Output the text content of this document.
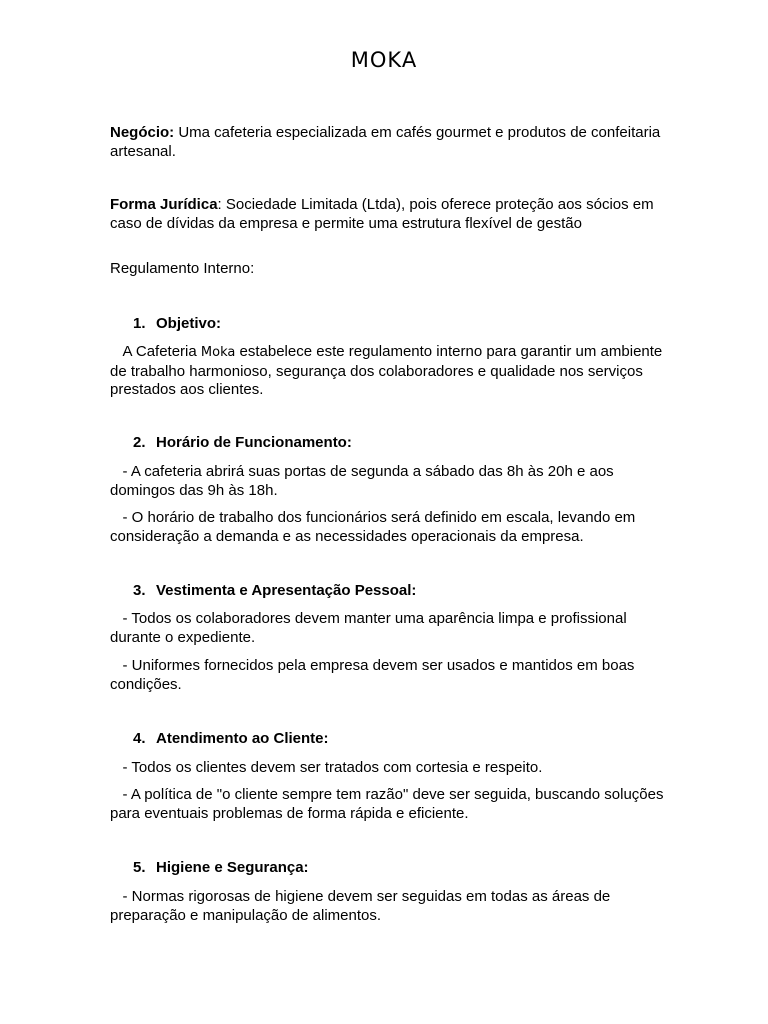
MOKA
Negócio: Uma cafeteria especializada em cafés gourmet e produtos de confeitaria artesanal.
Forma Jurídica: Sociedade Limitada (Ltda), pois oferece proteção aos sócios em caso de dívidas da empresa e permite uma estrutura flexível de gestão
Regulamento Interno:
1. Objetivo:
A Cafeteria Moka estabelece este regulamento interno para garantir um ambiente de trabalho harmonioso, segurança dos colaboradores e qualidade nos serviços prestados aos clientes.
2. Horário de Funcionamento:
- A cafeteria abrirá suas portas de segunda a sábado das 8h às 20h e aos domingos das 9h às 18h.
- O horário de trabalho dos funcionários será definido em escala, levando em consideração a demanda e as necessidades operacionais da empresa.
3. Vestimenta e Apresentação Pessoal:
- Todos os colaboradores devem manter uma aparência limpa e profissional durante o expediente.
- Uniformes fornecidos pela empresa devem ser usados e mantidos em boas condições.
4. Atendimento ao Cliente:
- Todos os clientes devem ser tratados com cortesia e respeito.
- A política de "o cliente sempre tem razão" deve ser seguida, buscando soluções para eventuais problemas de forma rápida e eficiente.
5. Higiene e Segurança:
- Normas rigorosas de higiene devem ser seguidas em todas as áreas de preparação e manipulação de alimentos.
